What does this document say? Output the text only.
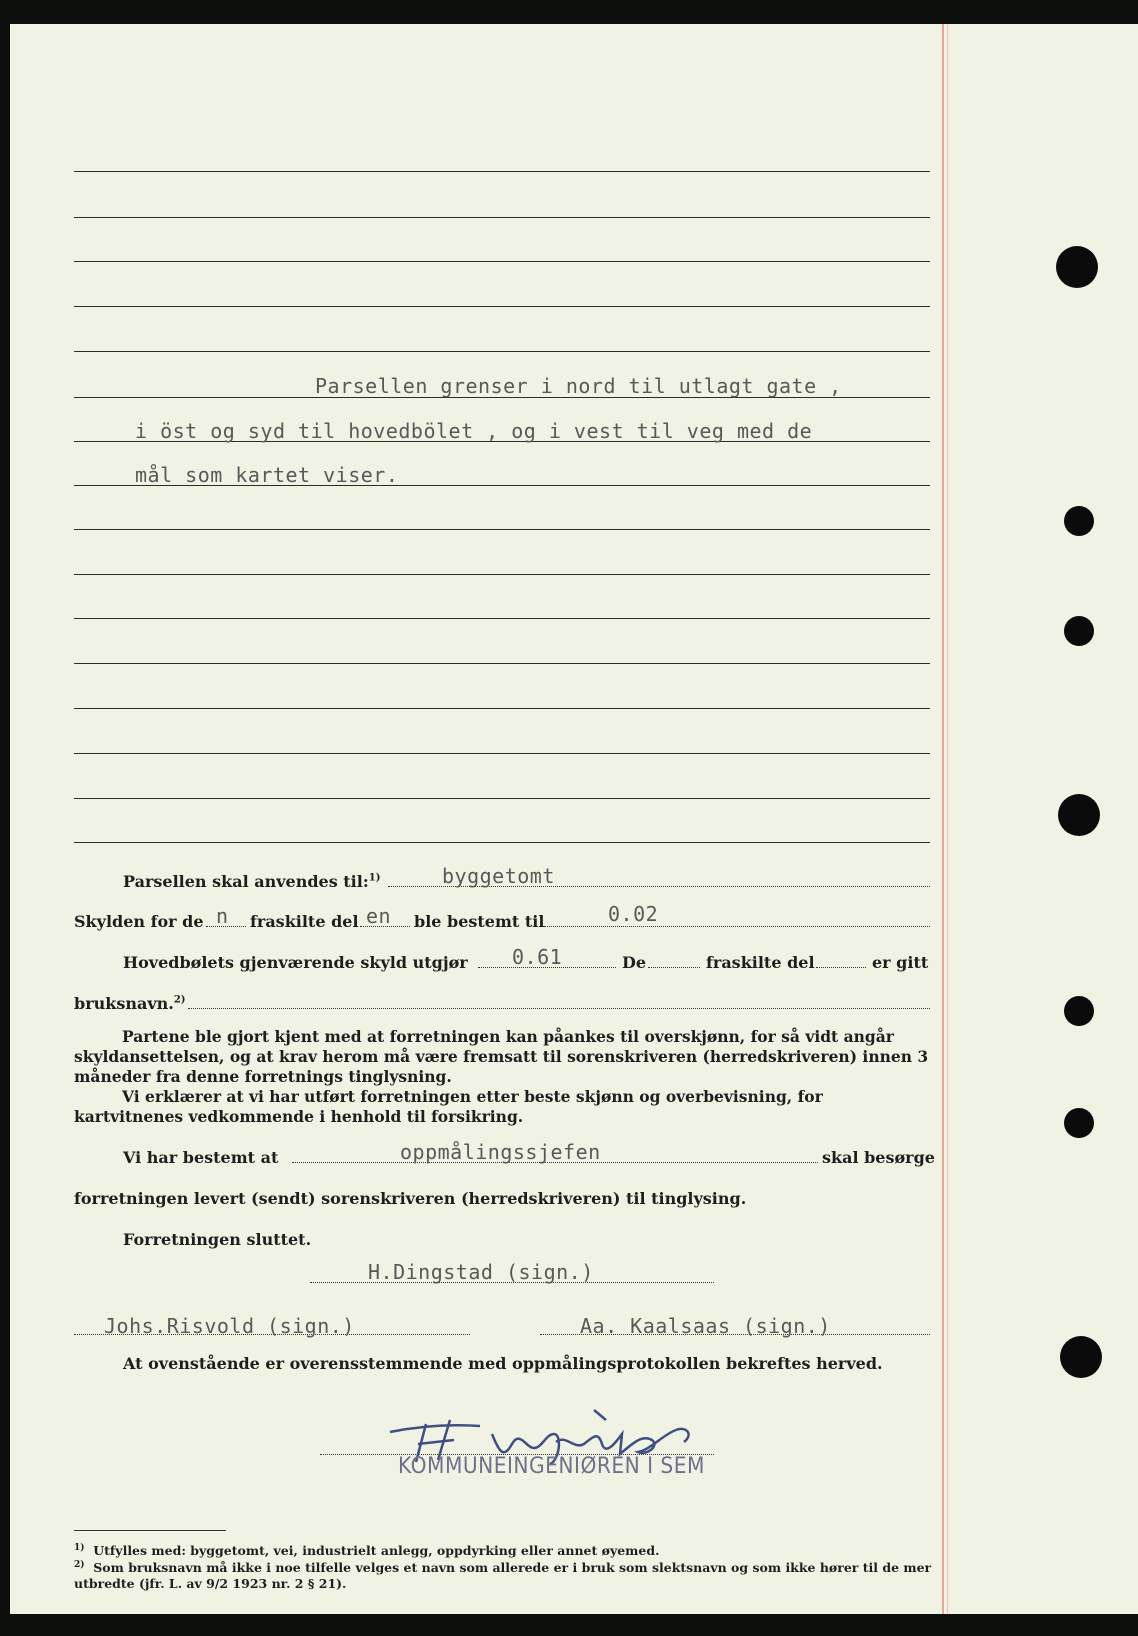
Parsellen grenser i nord til utlagt gate ,
i öst og syd til hovedbölet , og i vest til veg med de
mål som kartet viser.
Parsellen skal anvendes til:$^{1)}$	byggetomt
Skylden for de n fraskilte del en ble bestemt til	0.02
Hovedbølets gjenværende skyld utgjør 0.61	De	fraskilte del	er gitt
bruksnavn.$^{2)}$

Partene ble gjort kjent med at forretningen kan påankes til overskjønn, for så vidt angår skyldansettelsen, og at krav herom må være fremsatt til sorenskriveren (herredskriveren) innen 3 måneder fra denne forretnings tinglysning.

Vi erklærer at vi har utført forretningen etter beste skjønn og overbevisning, for kartvitnenes vedkommende i henhold til forsikring.

Vi har bestemt at	oppmålingssjefen	skal besørge
forretningen levert (sendt) sorenskriveren (herredskriveren) til tinglysing.
Forretningen sluttet.
H.Dingstad (sign.)
Johs.Risvold (sign.)	Aa. Kaalsaas (sign.)
At ovenstående er overensstemmende med oppmålingsprotokollen bekreftes herved.
KOMMUNEINGENIØREN I SEM
$^{1)}$ Utfylles med: byggetomt, vei, industrielt anlegg, oppdyrking eller annet øyemed.
$^{2)}$ Som bruksnavn må ikke i noe tilfelle velges et navn som allerede er i bruk som slektsnavn og som ikke hører til de mer utbredte (jfr. L. av 9/2 1923 nr. 2 § 21).
